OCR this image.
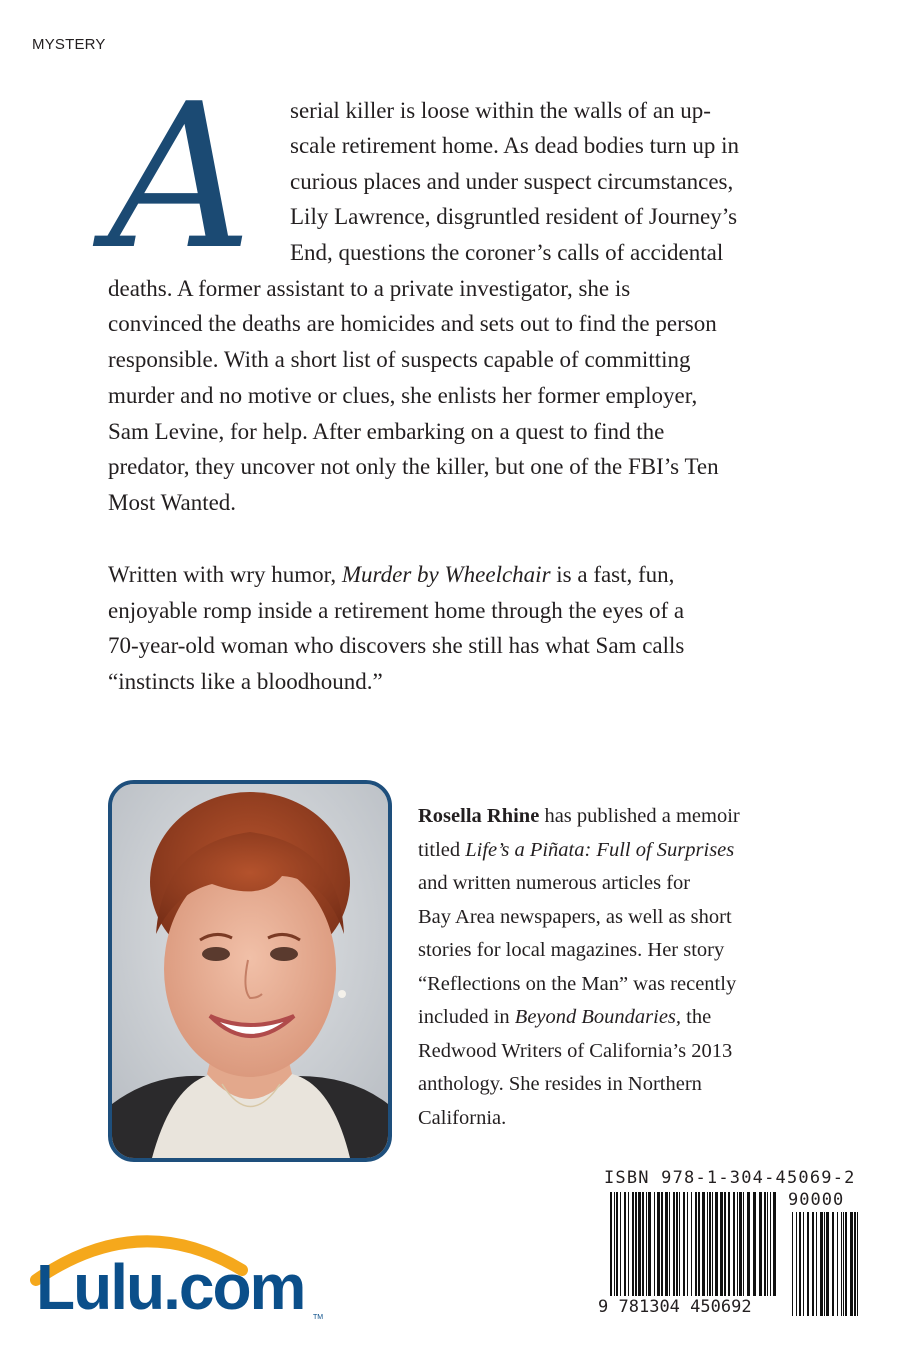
MYSTERY
A serial killer is loose within the walls of an up-
scale retirement home. As dead bodies turn up in
curious places and under suspect circumstances,
Lily Lawrence, disgruntled resident of Journey’s
End, questions the coroner’s calls of accidental
deaths. A former assistant to a private investigator, she is
convinced the deaths are homicides and sets out to find the person
responsible. With a short list of suspects capable of committing
murder and no motive or clues, she enlists her former employer,
Sam Levine, for help. After embarking on a quest to find the
predator, they uncover not only the killer, but one of the FBI’s Ten
Most Wanted.
Written with wry humor, Murder by Wheelchair is a fast, fun,
enjoyable romp inside a retirement home through the eyes of a
70-year-old woman who discovers she still has what Sam calls
“instincts like a bloodhound.”
Rosella Rhine has published a memoir
titled Life’s a Piñata: Full of Surprises
and written numerous articles for
Bay Area newspapers, as well as short
stories for local magazines. Her story
“Reflections on the Man” was recently
included in Beyond Boundaries, the
Redwood Writers of California’s 2013
anthology. She resides in Northern
California.
ISBN 978-1-304-45069-2
90000
9 781304 450692
Lulu.com TM
